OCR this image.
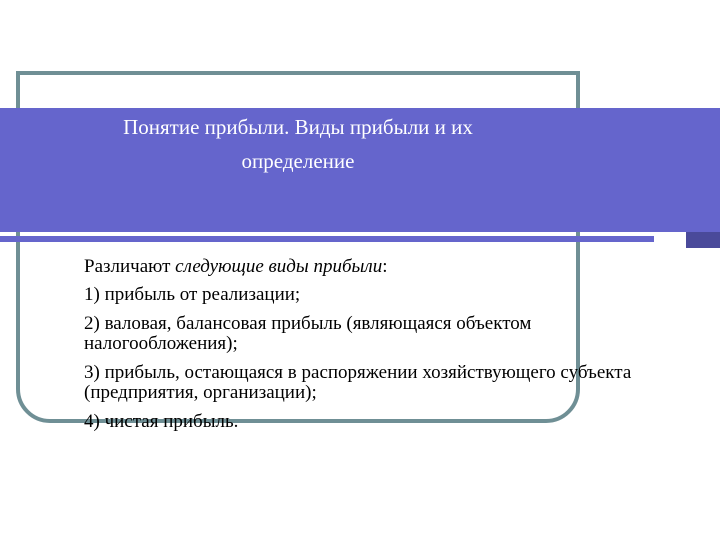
Понятие прибыли. Виды прибыли и их
определение

Различают следующие виды прибыли:

1) прибыль от реализации;

2) валовая, балансовая прибыль (являющаяся объектом налогообложения);

3) прибыль, остающаяся в распоряжении хозяйствующего субъекта (предприятия, организации);

4) чистая прибыль.
